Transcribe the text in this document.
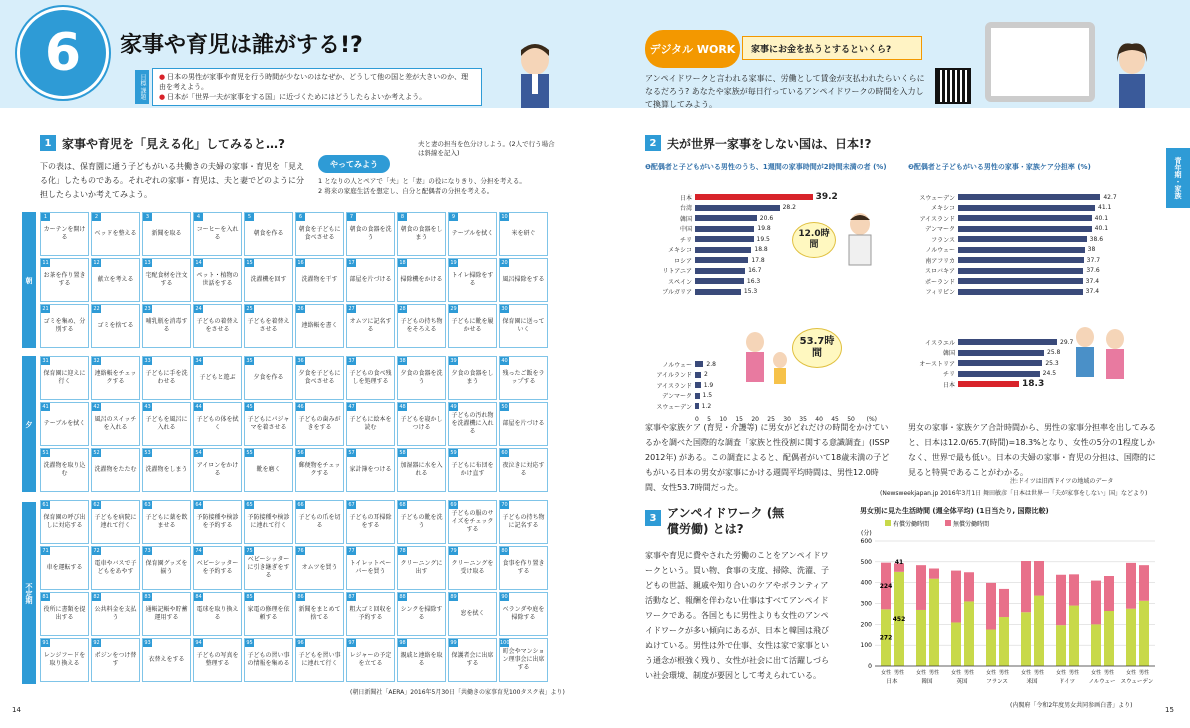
6	家事や育児は誰がする!?
目標 課題	● 日本の男性が家事や育児を行う時間が少ないのはなぜか、どうして他の国と差が大きいのか、理由を考えよう。
● 日本が「世界一夫が家事をする国」に近づくためにはどうしたらよいか考えよう。
デジタル WORK	家事にお金を払うとするといくら?
アンペイドワークと言われる家事に、労働として賃金が支払われたらいくらになるだろう? あなたや家族が毎日行っているアンペイドワークの時間を入力して換算してみよう。
1 家事や育児を「見える化」してみると…?
下の表は、保育園に通う子どもがいる共働きの夫婦の家事・育児を「見える化」したものである。それぞれの家事・育児は、夫と妻でどのように分担したらよいか考えてみよう。
やってみよう
夫と妻の担当を色分けしよう。(2人で行う場合は斜線を記入)
1 となりの人とペアで「夫」と「妻」の役になりきり、分担を考える。
2 将来の家庭生活を想定し、自分と配偶者の分担を考える。
朝
夕
不定期
1
カーテンを開ける
2
ベッドを整える
3
新聞を取る
4
コーヒーを入れる
5
朝食を作る
6
朝食を子どもに食べさせる
7
朝食の食器を洗う
8
朝食の食器をしまう
9
テーブルを拭く
10
米を研ぐ
11
お茶を作り置きする
12
献立を考える
13
宅配食材を注文する
14
ペット・植物の世話をする
15
洗濯機を回す
16
洗濯物を干す
17
部屋を片づける
18
掃除機をかける
19
トイレ掃除をする
20
風呂掃除をする
21
ゴミを集め、分別する
22
ゴミを捨てる
23
哺乳瓶を消毒する
24
子どもの着替えをさせる
25
子どもを着替えさせる
26
連絡帳を書く
27
オムツに記名する
28
子どもの持ち物をそろえる
29
子どもに靴を履かせる
30
保育園に送っていく
31
保育園に迎えに行く
32
連絡帳をチェックする
33
子どもに手を洗わせる
34
子どもと遊ぶ
35
夕食を作る
36
夕食を子どもに食べさせる
37
子どもの食べ残しを処理する
38
夕食の食器を洗う
39
夕食の食器をしまう
40
残ったご飯をラップする
41
テーブルを拭く
42
風呂のスイッチを入れる
43
子どもを風呂に入れる
44
子どもの体を拭く
45
子どもにパジャマを着させる
46
子どもの歯みがきをする
47
子どもに絵本を読む
48
子どもを寝かしつける
49
子どもの汚れ物を洗濯機に入れる
50
部屋を片づける
51
洗濯物を取り込む
52
洗濯物をたたむ
53
洗濯物をしまう
54
アイロンをかける
55
靴を磨く
56
郵便物をチェックする
57
家計簿をつける
58
加湿器に水を入れる
59
子どもに布団をかけ直す
60
夜泣きに対応する
61
保育園の呼び出しに対応する
62
子どもを病院に連れて行く
63
子どもに薬を飲ませる
64
予防接種や検診を予約する
65
予防接種や検診に連れて行く
66
子どもの爪を切る
67
子どもの耳掃除をする
68
子どもの靴を洗う
69
子どもの服のサイズをチェックする
70
子どもの持ち物に記名する
71
車を運転する
72
電車やバスで子どもをあやす
73
保育園グッズを揃う
74
ベビーシッターを予約する
75
ベビーシッターに引き継ぎをする
76
オムツを買う
77
トイレットペーパーを買う
78
クリーニングに出す
79
クリーニングを受け取る
80
食事を作り置きする
81
役所に書類を提出する
82
公共料金を支払う
83
通帳記帳や貯蓄運用する
84
電球を取り換える
85
家電の修理を依頼する
86
新聞をまとめて捨てる
87
粗大ゴミ回収を予約する
88
シンクを掃除する
89
窓を拭く
90
ベランダや庭を掃除する
91
レンジフードを取り換える
92
ポジンをつけ替す
93
衣替えをする
94
子どもの写真を整理する
95
子どもの習い事の情報を集める
96
子どもを習い事に連れて行く
97
レジャーの予定を立てる
98
親戚と連絡を取る
99
保護者会に出席する
100
町会やマンション理事会に出席する
(朝日新聞社「AERA」2016年5月30日「共働きの家事育児100タスク表」より)
14
2 夫が世界一家事をしない国は、日本!?
❶配偶者と子どもがいる男性のうち、1週間の家事時間が2時間未満の者 (%)	❷配偶者と子どもがいる男性の家事・家族ケア分担率 (%)
日本	39.2
台湾	28.2
韓国	20.6
中国	19.8
チリ	19.5
メキシコ	18.8
ロシア	17.8
リトアニア	16.7
スペイン	16.3
ブルガリア	15.3
ノルウェー	2.8
アイルランド	2
アイスランド	1.9
デンマーク	1.5
スウェーデン	1.2
0 5 10 15 20 25 30 35 40 45 50 (%)
スウェーデン	42.7
メキシコ	41.1
アイスランド	40.1
デンマーク	40.1
フランス	38.6
ノルウェー	38
南アフリカ	37.7
スロバキア	37.6
ポーランド	37.4
フィリピン	37.4
イスラエル	29.7
韓国	25.8
オーストリア	25.3
チリ	24.5
日本	18.3
12.0時間
53.7時間
家事や家族ケア (育児・介護等) に男女がどれだけの時間をかけているかを調べた国際的な調査「家族と性役割に関する意識調査」(ISSP 2012年) がある。この調査によると、配偶者がいて18歳未満の子どもがいる日本の男女が家事にかける週間平均時間は、男性12.0時間、女性53.7時間だった。
男女の家事・家族ケア合計時間から、男性の家事分担率を出してみると、日本は12.0/65.7(時間)=18.3%となり、女性の5分の1程度しかなく、世界で最も低い。日本の夫婦の家事・育児の分担は、国際的に見ると特異であることがわかる。
注:ドイツは旧西ドイツの地域のデータ
(Newsweekjapan.jp 2016年3月1日 舞田敏彦「日本は世界一「夫が家事をしない」国」などより)
3 アンペイドワーク (無償労働) とは?
家事や育児に費やされた労働のことをアンペイドワークという。買い物、食事の支度、掃除、洗濯、子どもの世話、親戚や知り合いのケアやボランティア活動など、報酬を伴わない仕事はすべてアンペイドワークである。各国ともに男性よりも女性のアンペイドワークが多い傾向にあるが、日本と韓国は飛びぬけている。男性は外で仕事、女性は家で家事という通念が根強く残り、女性が社会に出て活躍しづらい社会環境、制度が要因として考えられている。
男女別に見た生活時間 (週全体平均) (1日当たり, 国際比較)
0
100
200
300
400
500
600
(分)
有償労働時間	無償労働時間
女性 男性 女性 男性 女性 男性 女性 男性 女性 男性 女性 男性 女性 男性 女性 男性
日本	韓国	英国	フランス	米国	ドイツ ノルウェー スウェーデン
224
41
272
452
(内閣府「令和2年度男女共同参画白書」より)
15
青年期・家族
